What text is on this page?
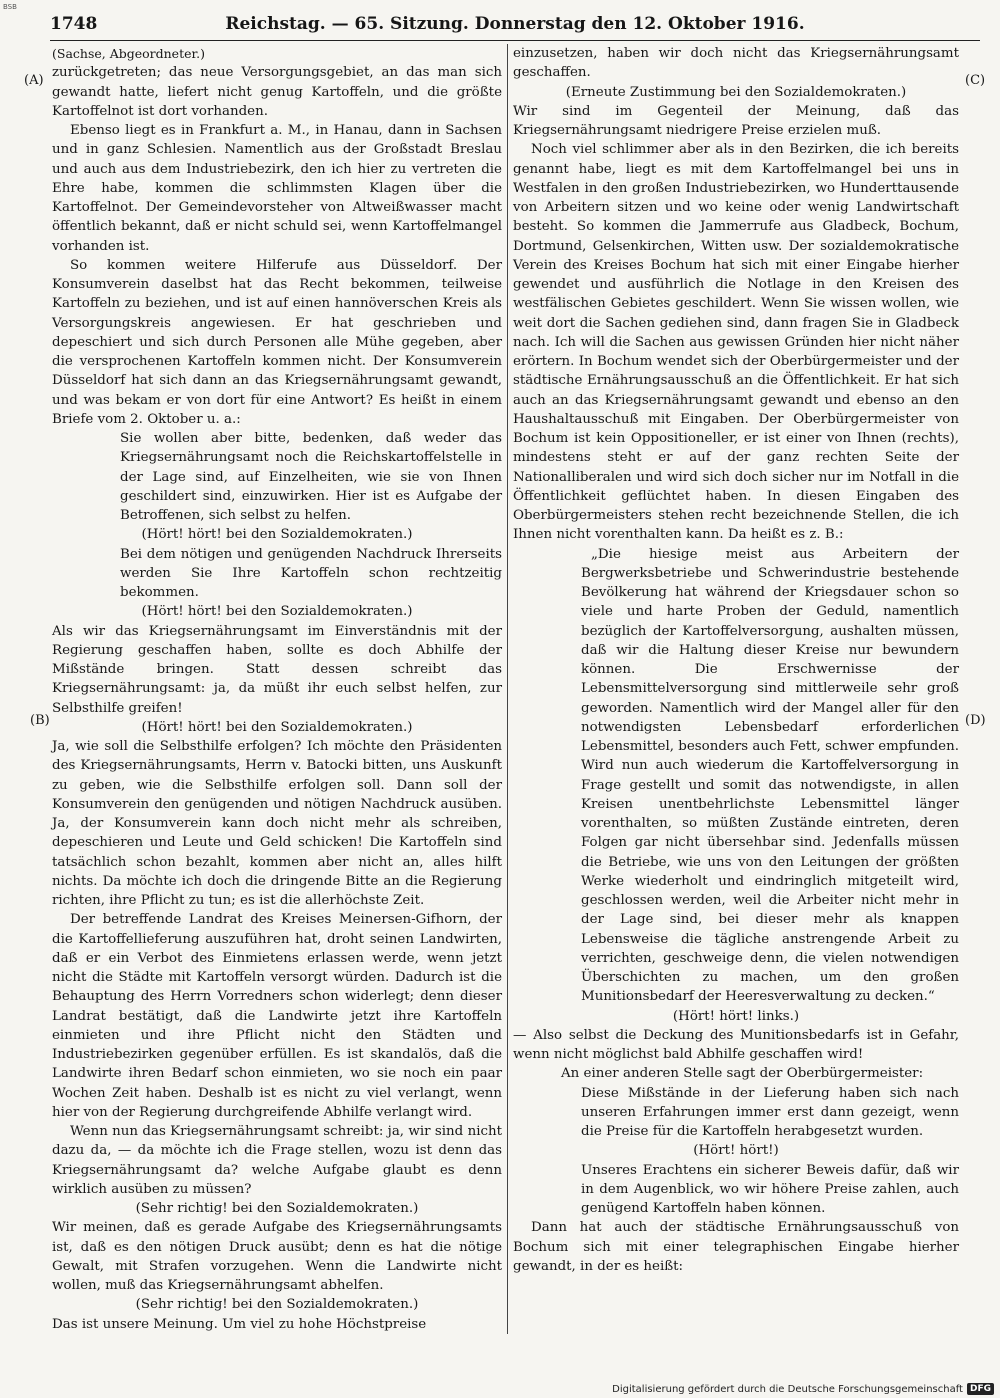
BSB
1748	Reichstag. — 65. Sitzung. Donnerstag den 12. Oktober 1916.
(A)
(B)
(C)
(D)

(Sachse, Abgeordneter.)

zurückgetreten; das neue Versorgungsgebiet, an das man sich gewandt hatte, liefert nicht genug Kartoffeln, und die größte Kartoffelnot ist dort vorhanden.

Ebenso liegt es in Frankfurt a. M., in Hanau, dann in Sachsen und in ganz Schlesien. Namentlich aus der Großstadt Breslau und auch aus dem Industriebezirk, den ich hier zu vertreten die Ehre habe, kommen die schlimmsten Klagen über die Kartoffelnot. Der Gemeindevorsteher von Altweißwasser macht öffentlich bekannt, daß er nicht schuld sei, wenn Kartoffelmangel vorhanden ist.

So kommen weitere Hilferufe aus Düsseldorf. Der Konsumverein daselbst hat das Recht bekommen, teilweise Kartoffeln zu beziehen, und ist auf einen hannöverschen Kreis als Versorgungskreis angewiesen. Er hat geschrieben und depeschiert und sich durch Personen alle Mühe gegeben, aber die versprochenen Kartoffeln kommen nicht. Der Konsumverein Düsseldorf hat sich dann an das Kriegsernährungsamt gewandt, und was bekam er von dort für eine Antwort? Es heißt in einem Briefe vom 2. Oktober u. a.:

Sie wollen aber bitte, bedenken, daß weder das Kriegsernährungsamt noch die Reichskartoffelstelle in der Lage sind, auf Einzelheiten, wie sie von Ihnen geschildert sind, einzuwirken. Hier ist es Aufgabe der Betroffenen, sich selbst zu helfen.

(Hört! hört! bei den Sozialdemokraten.)

Bei dem nötigen und genügenden Nachdruck Ihrerseits werden Sie Ihre Kartoffeln schon rechtzeitig bekommen.

(Hört! hört! bei den Sozialdemokraten.)

Als wir das Kriegsernährungsamt im Einverständnis mit der Regierung geschaffen haben, sollte es doch Abhilfe der Mißstände bringen. Statt dessen schreibt das Kriegsernährungsamt: ja, da müßt ihr euch selbst helfen, zur Selbsthilfe greifen!

(Hört! hört! bei den Sozialdemokraten.)

Ja, wie soll die Selbsthilfe erfolgen? Ich möchte den Präsidenten des Kriegsernährungsamts, Herrn v. Batocki bitten, uns Auskunft zu geben, wie die Selbsthilfe erfolgen soll. Dann soll der Konsumverein den genügenden und nötigen Nachdruck ausüben. Ja, der Konsumverein kann doch nicht mehr als schreiben, depeschieren und Leute und Geld schicken! Die Kartoffeln sind tatsächlich schon bezahlt, kommen aber nicht an, alles hilft nichts. Da möchte ich doch die dringende Bitte an die Regierung richten, ihre Pflicht zu tun; es ist die allerhöchste Zeit.

Der betreffende Landrat des Kreises Meinersen-Gifhorn, der die Kartoffellieferung auszuführen hat, droht seinen Landwirten, daß er ein Verbot des Einmietens erlassen werde, wenn jetzt nicht die Städte mit Kartoffeln versorgt würden. Dadurch ist die Behauptung des Herrn Vorredners schon widerlegt; denn dieser Landrat bestätigt, daß die Landwirte jetzt ihre Kartoffeln einmieten und ihre Pflicht nicht den Städten und Industriebezirken gegenüber erfüllen. Es ist skandalös, daß die Landwirte ihren Bedarf schon einmieten, wo sie noch ein paar Wochen Zeit haben. Deshalb ist es nicht zu viel verlangt, wenn hier von der Regierung durchgreifende Abhilfe verlangt wird.

Wenn nun das Kriegsernährungsamt schreibt: ja, wir sind nicht dazu da, — da möchte ich die Frage stellen, wozu ist denn das Kriegsernährungsamt da? welche Aufgabe glaubt es denn wirklich ausüben zu müssen?

(Sehr richtig! bei den Sozialdemokraten.)

Wir meinen, daß es gerade Aufgabe des Kriegsernährungsamts ist, daß es den nötigen Druck ausübt; denn es hat die nötige Gewalt, mit Strafen vorzugehen. Wenn die Landwirte nicht wollen, muß das Kriegsernährungsamt abhelfen.

(Sehr richtig! bei den Sozialdemokraten.)

Das ist unsere Meinung. Um viel zu hohe Höchstpreise

einzusetzen, haben wir doch nicht das Kriegsernährungsamt geschaffen.

(Erneute Zustimmung bei den Sozialdemokraten.)

Wir sind im Gegenteil der Meinung, daß das Kriegsernährungsamt niedrigere Preise erzielen muß.

Noch viel schlimmer aber als in den Bezirken, die ich bereits genannt habe, liegt es mit dem Kartoffelmangel bei uns in Westfalen in den großen Industriebezirken, wo Hunderttausende von Arbeitern sitzen und wo keine oder wenig Landwirtschaft besteht. So kommen die Jammerrufe aus Gladbeck, Bochum, Dortmund, Gelsenkirchen, Witten usw. Der sozialdemokratische Verein des Kreises Bochum hat sich mit einer Eingabe hierher gewendet und ausführlich die Notlage in den Kreisen des westfälischen Gebietes geschildert. Wenn Sie wissen wollen, wie weit dort die Sachen gediehen sind, dann fragen Sie in Gladbeck nach. Ich will die Sachen aus gewissen Gründen hier nicht näher erörtern. In Bochum wendet sich der Oberbürgermeister und der städtische Ernährungsausschuß an die Öffentlichkeit. Er hat sich auch an das Kriegsernährungsamt gewandt und ebenso an den Haushaltausschuß mit Eingaben. Der Oberbürgermeister von Bochum ist kein Oppositioneller, er ist einer von Ihnen (rechts), mindestens steht er auf der ganz rechten Seite der Nationalliberalen und wird sich doch sicher nur im Notfall in die Öffentlichkeit geflüchtet haben. In diesen Eingaben des Oberbürgermeisters stehen recht bezeichnende Stellen, die ich Ihnen nicht vorenthalten kann. Da heißt es z. B.:

„Die hiesige meist aus Arbeitern der Bergwerksbetriebe und Schwerindustrie bestehende Bevölkerung hat während der Kriegsdauer schon so viele und harte Proben der Geduld, namentlich bezüglich der Kartoffelversorgung, aushalten müssen, daß wir die Haltung dieser Kreise nur bewundern können. Die Erschwernisse der Lebensmittelversorgung sind mittlerweile sehr groß geworden. Namentlich wird der Mangel aller für den notwendigsten Lebensbedarf erforderlichen Lebensmittel, besonders auch Fett, schwer empfunden. Wird nun auch wiederum die Kartoffelversorgung in Frage gestellt und somit das notwendigste, in allen Kreisen unentbehrlichste Lebensmittel länger vorenthalten, so müßten Zustände eintreten, deren Folgen gar nicht übersehbar sind. Jedenfalls müssen die Betriebe, wie uns von den Leitungen der größten Werke wiederholt und eindringlich mitgeteilt wird, geschlossen werden, weil die Arbeiter nicht mehr in der Lage sind, bei dieser mehr als knappen Lebensweise die tägliche anstrengende Arbeit zu verrichten, geschweige denn, die vielen notwendigen Überschichten zu machen, um den großen Munitionsbedarf der Heeresverwaltung zu decken.“

(Hört! hört! links.)

— Also selbst die Deckung des Munitionsbedarfs ist in Gefahr, wenn nicht möglichst bald Abhilfe geschaffen wird!

An einer anderen Stelle sagt der Oberbürgermeister:

Diese Mißstände in der Lieferung haben sich nach unseren Erfahrungen immer erst dann gezeigt, wenn die Preise für die Kartoffeln herabgesetzt wurden.

(Hört! hört!)

Unseres Erachtens ein sicherer Beweis dafür, daß wir in dem Augenblick, wo wir höhere Preise zahlen, auch genügend Kartoffeln haben können.

Dann hat auch der städtische Ernährungsausschuß von Bochum sich mit einer telegraphischen Eingabe hierher gewandt, in der es heißt:

Digitalisierung gefördert durch die Deutsche Forschungsgemeinschaft DFG
